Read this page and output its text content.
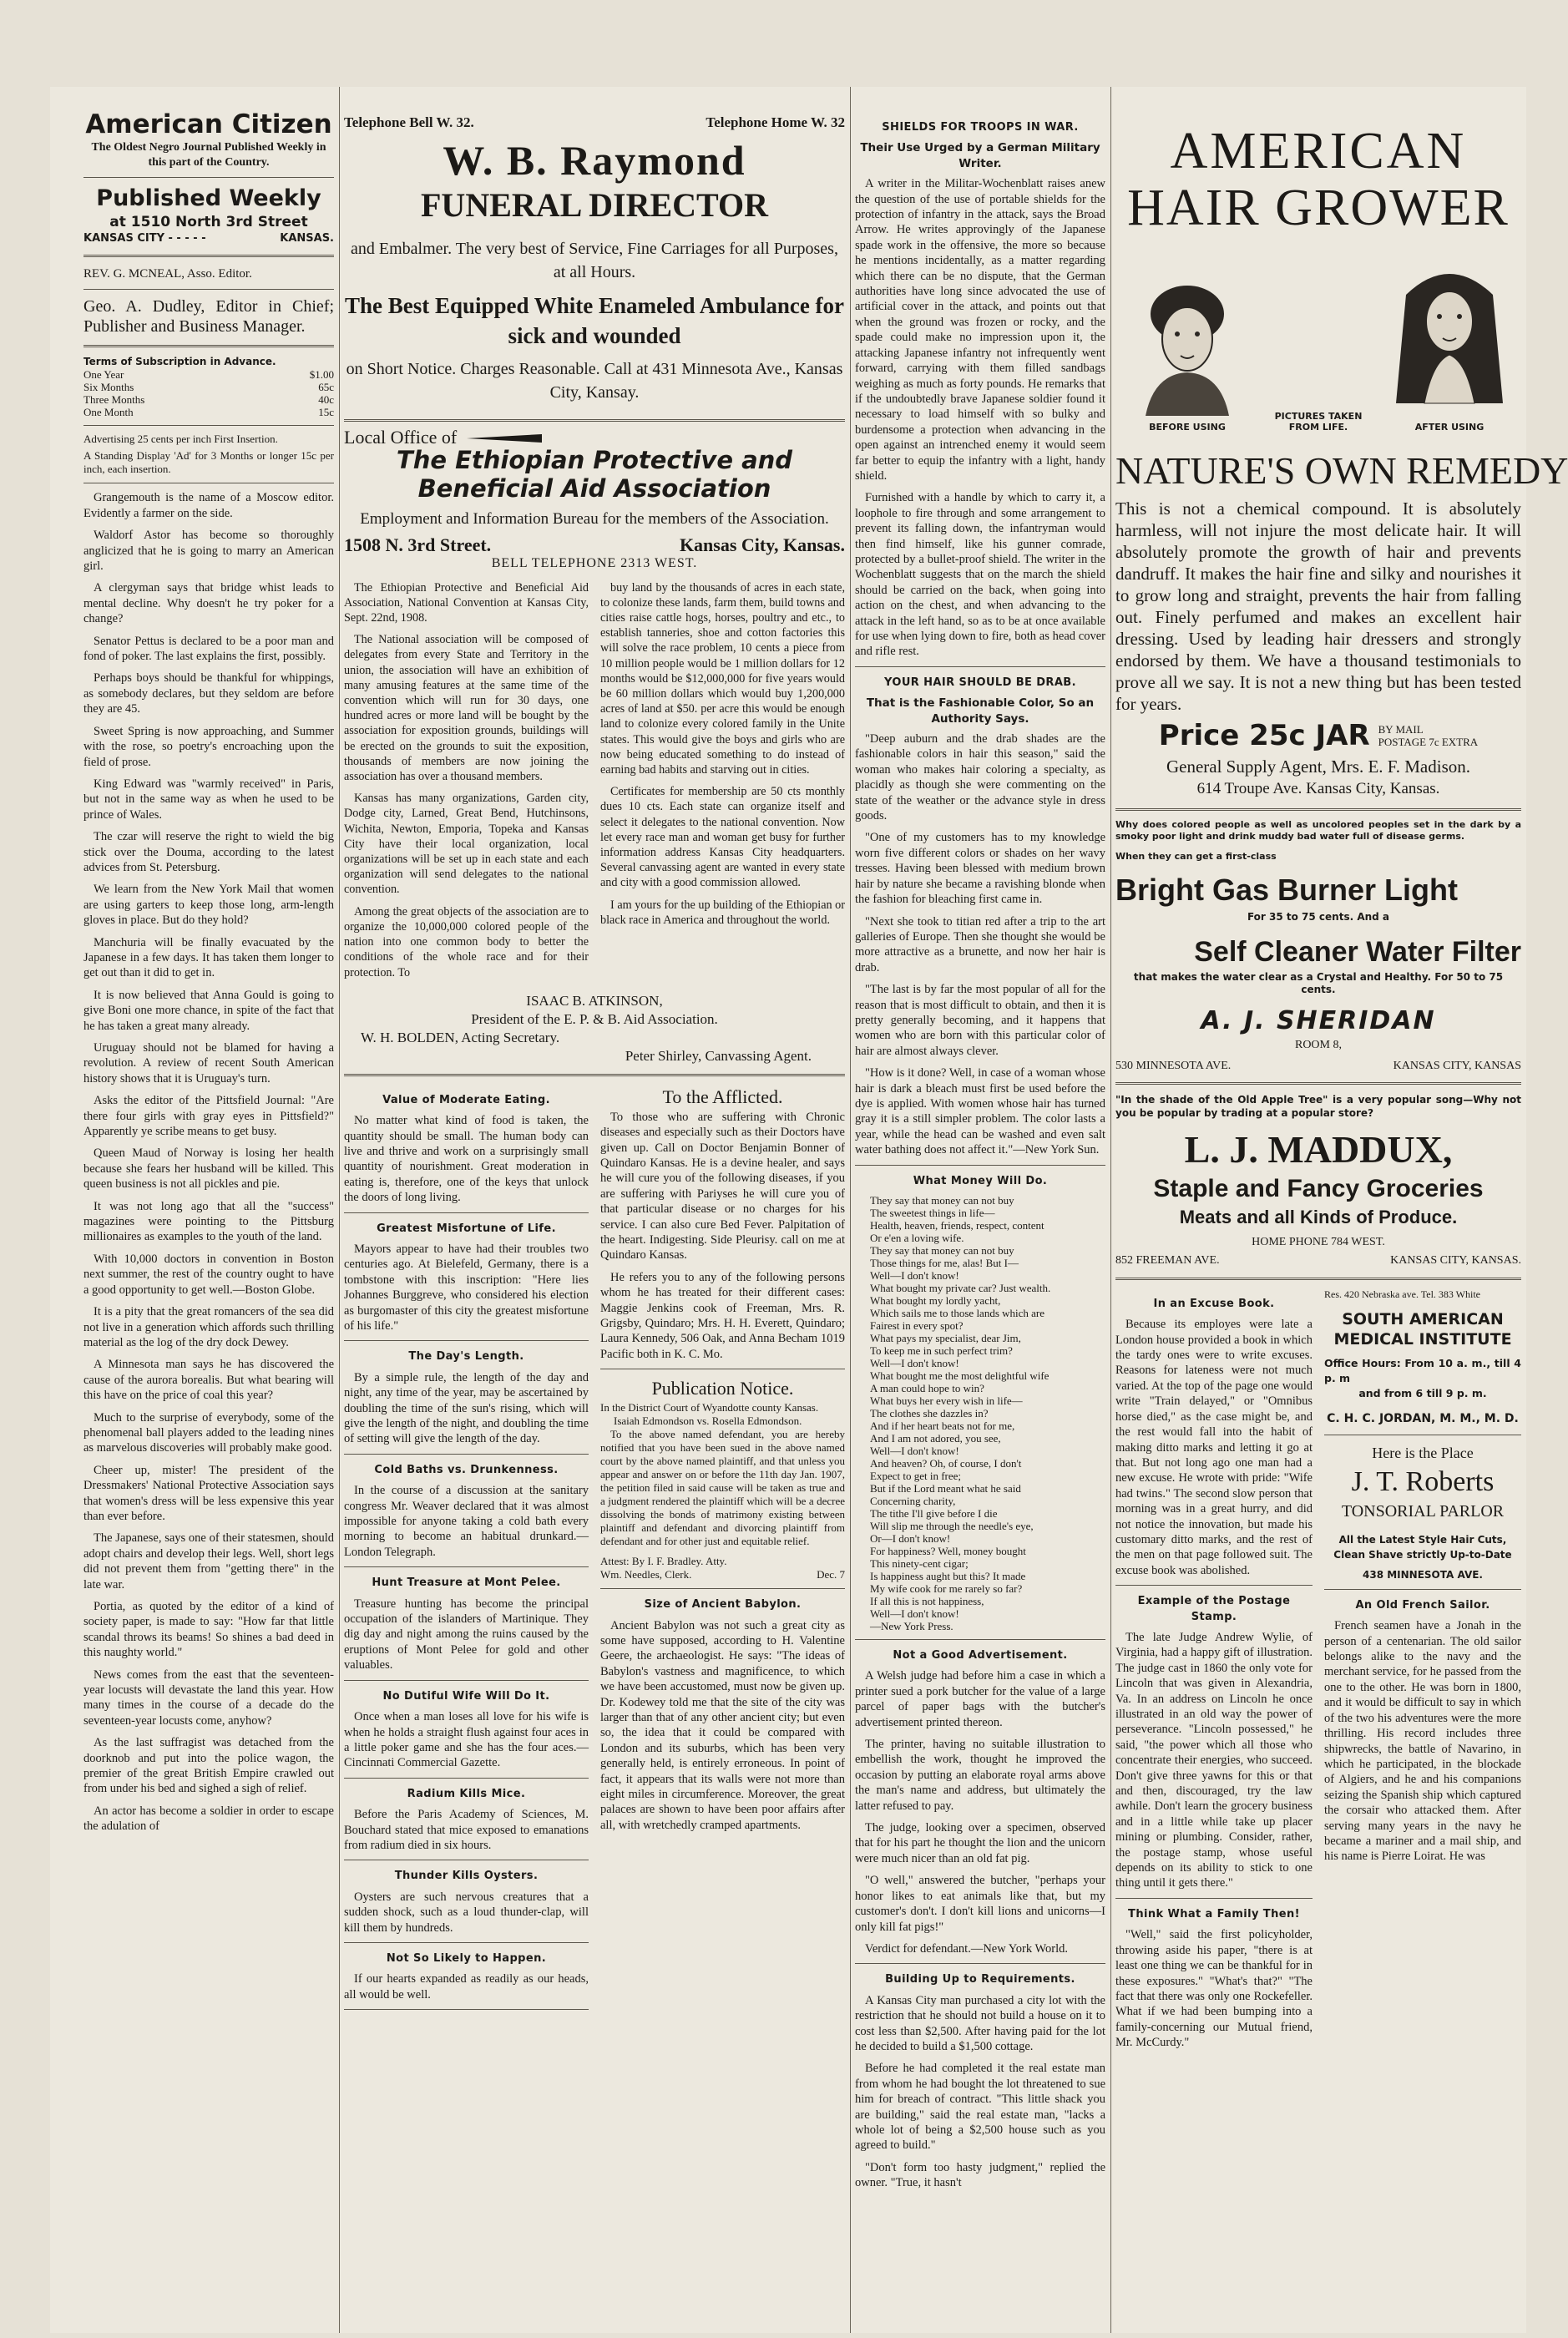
American Citizen
The Oldest Negro Journal Published Weekly in this part of the Country.
Published Weekly
at 1510 North 3rd Street
KANSAS CITY - - - - -	KANSAS.
REV. G. MCNEAL, Asso. Editor.
Geo. A. Dudley, Editor in Chief; Publisher and Business Manager.
Terms of Subscription in Advance.
One Year	$1.00
Six Months	65c
Three Months	40c
One Month	15c
Advertising 25 cents per inch First Insertion.
A Standing Display 'Ad' for 3 Months or longer 15c per inch, each insertion.

Grangemouth is the name of a Moscow editor. Evidently a farmer on the side.

Waldorf Astor has become so thoroughly anglicized that he is going to marry an American girl.

A clergyman says that bridge whist leads to mental decline. Why doesn't he try poker for a change?

Senator Pettus is declared to be a poor man and fond of poker. The last explains the first, possibly.

Perhaps boys should be thankful for whippings, as somebody declares, but they seldom are before they are 45.

Sweet Spring is now approaching, and Summer with the rose, so poetry's encroaching upon the field of prose.

King Edward was "warmly received" in Paris, but not in the same way as when he used to be prince of Wales.

The czar will reserve the right to wield the big stick over the Douma, according to the latest advices from St. Petersburg.

We learn from the New York Mail that women are using garters to keep those long, arm-length gloves in place. But do they hold?

Manchuria will be finally evacuated by the Japanese in a few days. It has taken them longer to get out than it did to get in.

It is now believed that Anna Gould is going to give Boni one more chance, in spite of the fact that he has taken a great many already.

Uruguay should not be blamed for having a revolution. A review of recent South American history shows that it is Uruguay's turn.

Asks the editor of the Pittsfield Journal: "Are there four girls with gray eyes in Pittsfield?" Apparently ye scribe means to get busy.

Queen Maud of Norway is losing her health because she fears her husband will be killed. This queen business is not all pickles and pie.

It was not long ago that all the "success" magazines were pointing to the Pittsburg millionaires as examples to the youth of the land.

With 10,000 doctors in convention in Boston next summer, the rest of the country ought to have a good opportunity to get well.—Boston Globe.

It is a pity that the great romancers of the sea did not live in a generation which affords such thrilling material as the log of the dry dock Dewey.

A Minnesota man says he has discovered the cause of the aurora borealis. But what bearing will this have on the price of coal this year?

Much to the surprise of everybody, some of the phenomenal ball players added to the leading nines as marvelous discoveries will probably make good.

Cheer up, mister! The president of the Dressmakers' National Protective Association says that women's dress will be less expensive this year than ever before.

The Japanese, says one of their statesmen, should adopt chairs and develop their legs. Well, short legs did not prevent them from "getting there" in the late war.

Portia, as quoted by the editor of a kind of society paper, is made to say: "How far that little scandal throws its beams! So shines a bad deed in this naughty world."

News comes from the east that the seventeen-year locusts will devastate the land this year. How many times in the course of a decade do the seventeen-year locusts come, anyhow?

As the last suffragist was detached from the doorknob and put into the police wagon, the premier of the great British Empire crawled out from under his bed and sighed a sigh of relief.

An actor has become a soldier in order to escape the adulation of

Telephone Bell W. 32.	Telephone Home W. 32
W. B. Raymond
FUNERAL DIRECTOR
and Embalmer. The very best of Service, Fine Carriages for all Purposes, at all Hours.
The Best Equipped White Enameled Ambulance for sick and wounded
on Short Notice. Charges Reasonable. Call at 431 Minnesota Ave., Kansas City, Kansay.
Local Office of
The Ethiopian Protective and Beneficial Aid Association
Employment and Information Bureau for the members of the Association.
1508 N. 3rd Street.	Kansas City, Kansas.
BELL TELEPHONE 2313 WEST.

The Ethiopian Protective and Beneficial Aid Association, National Convention at Kansas City, Sept. 22nd, 1908.

The National association will be composed of delegates from every State and Territory in the union, the association will have an exhibition of many amusing features at the same time of the convention which will run for 30 days, one hundred acres or more land will be bought by the association for exposition grounds, buildings will be erected on the grounds to suit the exposition, thousands of members are now joining the association has over a thousand members.

Kansas has many organizations, Garden city, Dodge city, Larned, Great Bend, Hutchinsons, Wichita, Newton, Emporia, Topeka and Kansas City have their local organization, local organizations will be set up in each state and each organization will send delegates to the national convention.

Among the great objects of the association are to organize the 10,000,000 colored people of the nation into one common body to better the conditions of the whole race and for their protection. To

buy land by the thousands of acres in each state, to colonize these lands, farm them, build towns and cities raise cattle hogs, horses, poultry and etc., to establish tanneries, shoe and cotton factories this will solve the race problem, 10 cents a piece from 10 million people would be 1 million dollars for 12 months would be $12,000,000 for five years would be 60 million dollars which would buy 1,200,000 acres of land at $50. per acre this would be enough land to colonize every colored family in the Unite states. This would give the boys and girls who are now being educated something to do instead of earning bad habits and starving out in cities.

Certificates for membership are 50 cts monthly dues 10 cts. Each state can organize itself and select it delegates to the national convention. Now let every race man and woman get busy for further information address Kansas City headquarters. Several canvassing agent are wanted in every state and city with a good commission allowed.

I am yours for the up building of the Ethiopian or black race in America and throughout the world.

ISAAC B. ATKINSON,
President of the E. P. & B. Aid Association.
W. H. BOLDEN, Acting Secretary.
Peter Shirley, Canvassing Agent.
Value of Moderate Eating.

No matter what kind of food is taken, the quantity should be small. The human body can live and thrive and work on a surprisingly small quantity of nourishment. Great moderation in eating is, therefore, one of the keys that unlock the doors of long living.

Greatest Misfortune of Life.

Mayors appear to have had their troubles two centuries ago. At Bielefeld, Germany, there is a tombstone with this inscription: "Here lies Johannes Burggreve, who considered his election as burgomaster of this city the greatest misfortune of his life."

The Day's Length.

By a simple rule, the length of the day and night, any time of the year, may be ascertained by doubling the time of the sun's rising, which will give the length of the night, and doubling the time of setting will give the length of the day.

Cold Baths vs. Drunkenness.

In the course of a discussion at the sanitary congress Mr. Weaver declared that it was almost impossible for anyone taking a cold bath every morning to become an habitual drunkard.—London Telegraph.

Hunt Treasure at Mont Pelee.

Treasure hunting has become the principal occupation of the islanders of Martinique. They dig day and night among the ruins caused by the eruptions of Mont Pelee for gold and other valuables.

No Dutiful Wife Will Do It.

Once when a man loses all love for his wife is when he holds a straight flush against four aces in a little poker game and she has the four aces.—Cincinnati Commercial Gazette.

Radium Kills Mice.

Before the Paris Academy of Sciences, M. Bouchard stated that mice exposed to emanations from radium died in six hours.

Thunder Kills Oysters.

Oysters are such nervous creatures that a sudden shock, such as a loud thunder-clap, will kill them by hundreds.

Not So Likely to Happen.

If our hearts expanded as readily as our heads, all would be well.

To the Afflicted.

To those who are suffering with Chronic diseases and especially such as their Doctors have given up. Call on Doctor Benjamin Bonner of Quindaro Kansas. He is a devine healer, and says he will cure you of the following diseases, if you are suffering with Pariyses he will cure you of that particular disease or no charges for his service. I can also cure Bed Fever. Palpitation of the heart. Indigesting. Side Pleurisy. call on me at Quindaro Kansas.

He refers you to any of the following persons whom he has treated for their different cases: Maggie Jenkins cook of Freeman, Mrs. R. Grigsby, Quindaro; Mrs. H. H. Everett, Quindaro; Laura Kennedy, 506 Oak, and Anna Becham 1019 Pacific both in K. C. Mo.

Publication Notice.
In the District Court of Wyandotte county Kansas.
Isaiah Edmondson vs. Rosella Edmondson.

To the above named defendant, you are hereby notified that you have been sued in the above named court by the above named plaintiff, and that unless you appear and answer on or before the 11th day Jan. 1907, the petition filed in said cause will be taken as true and a judgment rendered the plaintiff which will be a decree dissolving the bonds of matrimony existing between plaintiff and defendant and divorcing plaintiff from defendant and for other just and equitable relief.

Attest: By I. F. Bradley. Atty.
Wm. Needles, Clerk.	Dec. 7
Size of Ancient Babylon.

Ancient Babylon was not such a great city as some have supposed, according to H. Valentine Geere, the archaeologist. He says: "The ideas of Babylon's vastness and magnificence, to which we have been accustomed, must now be given up. Dr. Kodewey told me that the site of the city was larger than that of any other ancient city; but even so, the idea that it could be compared with London and its suburbs, which has been very generally held, is entirely erroneous. In point of fact, it appears that its walls were not more than eight miles in circumference. Moreover, the great palaces are shown to have been poor affairs after all, with wretchedly cramped apartments.

SHIELDS FOR TROOPS IN WAR.
Their Use Urged by a German Military Writer.

A writer in the Militar-Wochenblatt raises anew the question of the use of portable shields for the protection of infantry in the attack, says the Broad Arrow. He writes approvingly of the Japanese spade work in the offensive, the more so because he mentions incidentally, as a matter regarding which there can be no dispute, that the German authorities have long since advocated the use of artificial cover in the attack, and points out that when the ground was frozen or rocky, and the spade could make no impression upon it, the attacking Japanese infantry not infrequently went forward, carrying with them filled sandbags weighing as much as forty pounds. He remarks that if the undoubtedly brave Japanese soldier found it necessary to load himself with so bulky and burdensome a protection when advancing in the open against an intrenched enemy it would seem far better to equip the infantry with a light, handy shield.

Furnished with a handle by which to carry it, a loophole to fire through and some arrangement to prevent its falling down, the infantryman would then find himself, like his gunner comrade, protected by a bullet-proof shield. The writer in the Wochenblatt suggests that on the march the shield should be carried on the back, when going into action on the chest, and when advancing to the attack in the left hand, so as to be at once available for use when lying down to fire, both as head cover and rifle rest.

YOUR HAIR SHOULD BE DRAB.
That is the Fashionable Color, So an Authority Says.

"Deep auburn and the drab shades are the fashionable colors in hair this season," said the woman who makes hair coloring a specialty, as placidly as though she were commenting on the state of the weather or the advance style in dress goods.

"One of my customers has to my knowledge worn five different colors or shades on her wavy tresses. Having been blessed with medium brown hair by nature she became a ravishing blonde when the fashion for bleaching first came in.

"Next she took to titian red after a trip to the art galleries of Europe. Then she thought she would be more attractive as a brunette, and now her hair is drab.

"The last is by far the most popular of all for the reason that is most difficult to obtain, and then it is pretty generally becoming, and it happens that women who are born with this particular color of hair are almost always clever.

"How is it done? Well, in case of a woman whose hair is dark a bleach must first be used before the dye is applied. With women whose hair has turned gray it is a still simpler problem. The color lasts a year, while the head can be washed and even salt water bathing does not affect it."—New York Sun.

What Money Will Do.
They say that money can not buy
The sweetest things in life—
Health, heaven, friends, respect, content
Or e'en a loving wife.
They say that money can not buy
Those things for me, alas! But I—
Well—I don't know!
What bought my private car? Just wealth.
What bought my lordly yacht,
Which sails me to those lands which are
Fairest in every spot?
What pays my specialist, dear Jim,
To keep me in such perfect trim?
Well—I don't know!
What bought me the most delightful wife
A man could hope to win?
What buys her every wish in life—
The clothes she dazzles in?
And if her heart beats not for me,
And I am not adored, you see,
Well—I don't know!
And heaven? Oh, of course, I don't
Expect to get in free;
But if the Lord meant what he said
Concerning charity,
The tithe I'll give before I die
Will slip me through the needle's eye,
Or—I don't know!
For happiness? Well, money bought
This ninety-cent cigar;
Is happiness aught but this? It made
My wife cook for me rarely so far?
If all this is not happiness,
Well—I don't know!
—New York Press.
Not a Good Advertisement.

A Welsh judge had before him a case in which a printer sued a pork butcher for the value of a large parcel of paper bags with the butcher's advertisement printed thereon.

The printer, having no suitable illustration to embellish the work, thought he improved the occasion by putting an elaborate royal arms above the man's name and address, but ultimately the latter refused to pay.

The judge, looking over a specimen, observed that for his part he thought the lion and the unicorn were much nicer than an old fat pig.

"O well," answered the butcher, "perhaps your honor likes to eat animals like that, but my customer's don't. I don't kill lions and unicorns—I only kill fat pigs!"

Verdict for defendant.—New York World.

Building Up to Requirements.

A Kansas City man purchased a city lot with the restriction that he should not build a house on it to cost less than $2,500. After having paid for the lot he decided to build a $1,500 cottage.

Before he had completed it the real estate man from whom he had bought the lot threatened to sue him for breach of contract. "This little shack you are building," said the real estate man, "lacks a whole lot of being a $2,500 house such as you agreed to build."

"Don't form too hasty judgment," replied the owner. "True, it hasn't

AMERICAN
HAIR GROWER
BEFORE USING
PICTURES TAKEN FROM LIFE.	AFTER USING
NATURE'S OWN REMEDY
This is not a chemical compound. It is absolutely harmless, will not injure the most delicate hair. It will absolutely promote the growth of hair and prevents dandruff. It makes the hair fine and silky and nourishes it to grow long and straight, prevents the hair from falling out. Finely perfumed and makes an excellent hair dressing. Used by leading hair dressers and strongly endorsed by them. We have a thousand testimonials to prove all we say. It is not a new thing but has been tested for years.
Price 25c JAR BY MAIL
POSTAGE 7c EXTRA
General Supply Agent, Mrs. E. F. Madison.
614 Troupe Ave. Kansas City, Kansas.
Why does colored people as well as uncolored peoples set in the dark by a smoky poor light and drink muddy bad water full of disease germs.
When they can get a first-class
Bright Gas Burner Light
For 35 to 75 cents. And a
Self Cleaner Water Filter
that makes the water clear as a Crystal and Healthy. For 50 to 75 cents.
A. J. SHERIDAN
ROOM 8,
530 MINNESOTA AVE.	KANSAS CITY, KANSAS
"In the shade of the Old Apple Tree" is a very popular song—Why not you be popular by trading at a popular store?
L. J. MADDUX,
Staple and Fancy Groceries
Meats and all Kinds of Produce.
HOME PHONE 784 WEST.
852 FREEMAN AVE.	KANSAS CITY, KANSAS.
In an Excuse Book.

Because its employes were late a London house provided a book in which the tardy ones were to write excuses. Reasons for lateness were not much varied. At the top of the page one would write "Train delayed," or "Omnibus horse died," as the case might be, and the rest would fall into the habit of making ditto marks and letting it go at that. But not long ago one man had a new excuse. He wrote with pride: "Wife had twins." The second slow person that morning was in a great hurry, and did not notice the innovation, but made his customary ditto marks, and the rest of the men on that page followed suit. The excuse book was abolished.

Example of the Postage Stamp.

The late Judge Andrew Wylie, of Virginia, had a happy gift of illustration. The judge cast in 1860 the only vote for Lincoln that was given in Alexandria, Va. In an address on Lincoln he once illustrated in an old way the power of perseverance. "Lincoln possessed," he said, "the power which all those who concentrate their energies, who succeed. Don't give three yawns for this or that and then, discouraged, try the law awhile. Don't learn the grocery business and in a little while take up placer mining or plumbing. Consider, rather, the postage stamp, whose useful depends on its ability to stick to one thing until it gets there."

Think What a Family Then!

"Well," said the first policyholder, throwing aside his paper, "there is at least one thing we can be thankful for in these exposures." "What's that?" "The fact that there was only one Rockefeller. What if we had been bumping into a family-concerning our Mutual friend, Mr. McCurdy."

Res. 420 Nebraska ave. Tel. 383 White
SOUTH AMERICAN
MEDICAL INSTITUTE
Office Hours: From 10 a. m., till 4 p. m
and from 6 till 9 p. m.
C. H. C. JORDAN, M. M., M. D.
Here is the Place
J. T. Roberts
TONSORIAL PARLOR
All the Latest Style Hair Cuts, Clean Shave strictly Up-to-Date
438 MINNESOTA AVE.
An Old French Sailor.

French seamen have a Jonah in the person of a centenarian. The old sailor belongs alike to the navy and the merchant service, for he passed from the one to the other. He was born in 1800, and it would be difficult to say in which of the two his adventures were the more thrilling. His record includes three shipwrecks, the battle of Navarino, in which he participated, in the blockade of Algiers, and he and his companions seizing the Spanish ship which captured the corsair who attacked them. After serving many years in the navy he became a mariner and a mail ship, and his name is Pierre Loirat. He was
